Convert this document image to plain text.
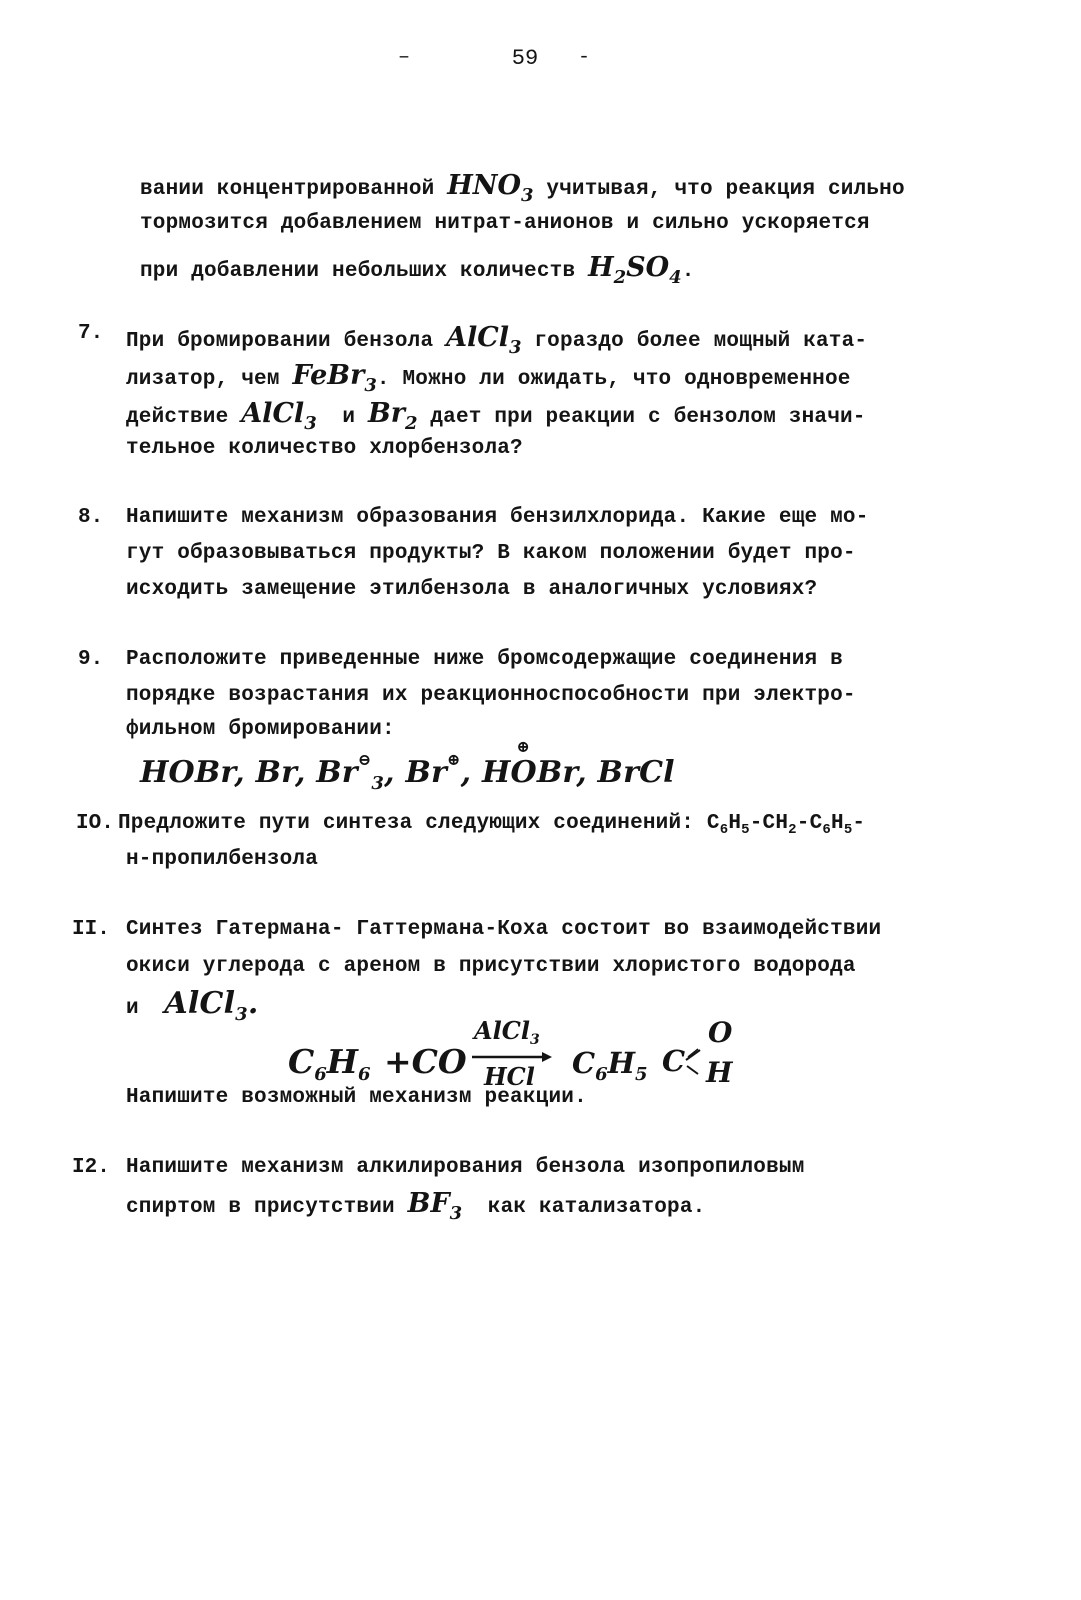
–	59	-
вании концентрированной $HNO_3$ учитывая, что реакция сильно
тормозится добавлением нитрат-анионов и сильно ускоряется
при добавлении небольших количеств $H_2SO_4$.
7. При бромировании бензола AlCl$_3$ гораздо более мощный ката-
лизатор, чем FeBr$_3$. Можно ли ожидать, что одновременное
действие AlCl$_3$ и $Br_2$ дает при реакции с бензолом значи-
тельное количество хлорбензола?
8. Напишите механизм образования бензилхлорида. Какие еще мо-
гут образовываться продукты? В каком положении будет про-
исходить замещение этилбензола в аналогичных условиях?
9. Расположите приведенные ниже бромсодержащие соединения в
порядке возрастания их реакционноспособности при электро-
фильном бромировании:
HOBr, Br, $Br^⊖_3$, Br⊕, H
⊕
OBr, BrCl
IO. Предложите пути синтеза следующих соединений: $C_6H_5-CH_2-C_6H_5-$
н-пропилбензола
II. Синтез Гатермана- Гаттермана-Коха состоит во взаимодействии
окиси углерода с ареном в присутствии хлористого водорода
и AlCl$_3$.
$C_6H_6 +CO$
AlCl$_3$
HCl $C_6H_5$ C
O
H
Напишите возможный механизм реакции.
I2. Напишите механизм алкилирования бензола изопропиловым
спиртом в присутствии $BF_3$ как катализатора.
